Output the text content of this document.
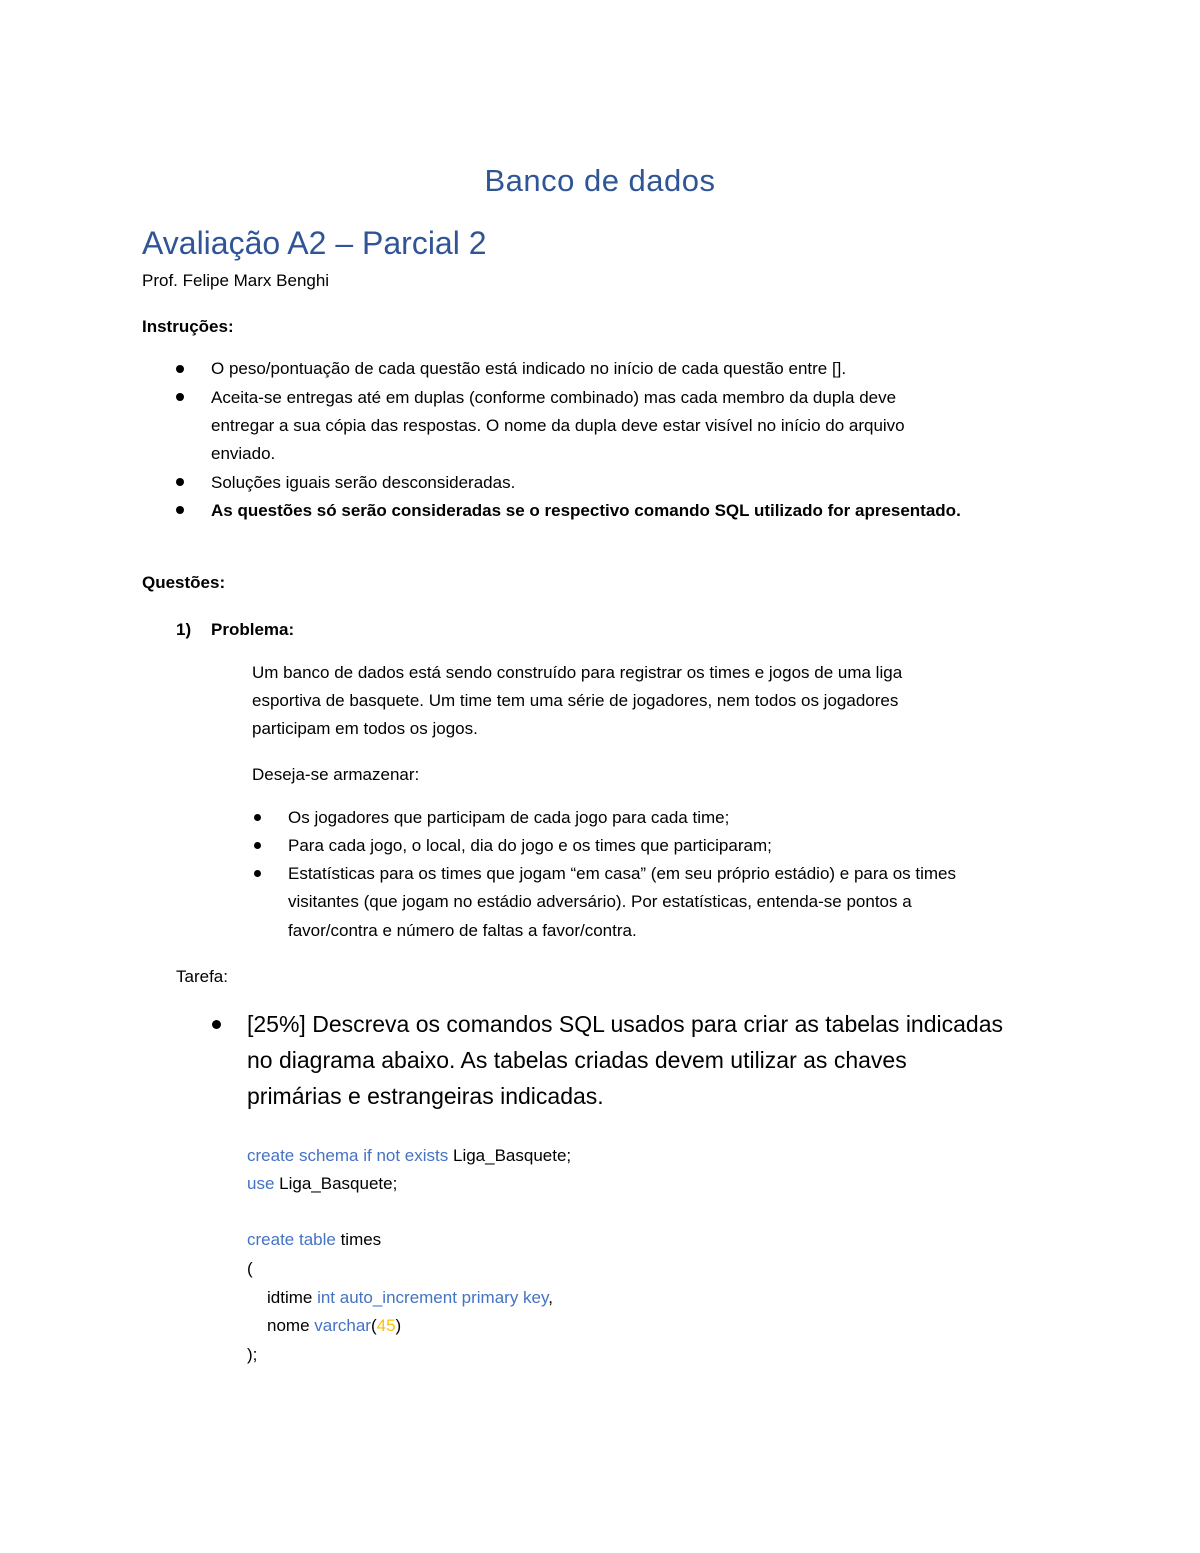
Banco de dados
Avaliação A2 – Parcial 2
Prof. Felipe Marx Benghi
Instruções:
O peso/pontuação de cada questão está indicado no início de cada questão entre [].
Aceita-se entregas até em duplas (conforme combinado) mas cada membro da dupla deve
entregar a sua cópia das respostas. O nome da dupla deve estar visível no início do arquivo
enviado.
Soluções iguais serão desconsideradas.
As questões só serão consideradas se o respectivo comando SQL utilizado for apresentado.
Questões:
1) Problema:
Um banco de dados está sendo construído para registrar os times e jogos de uma liga
esportiva de basquete. Um time tem uma série de jogadores, nem todos os jogadores
participam em todos os jogos.
Deseja-se armazenar:
Os jogadores que participam de cada jogo para cada time;
Para cada jogo, o local, dia do jogo e os times que participaram;
Estatísticas para os times que jogam “em casa” (em seu próprio estádio) e para os times
visitantes (que jogam no estádio adversário). Por estatísticas, entenda-se pontos a
favor/contra e número de faltas a favor/contra.
Tarefa:
[25%] Descreva os comandos SQL usados para criar as tabelas indicadas
no diagrama abaixo. As tabelas criadas devem utilizar as chaves
primárias e estrangeiras indicadas.
create schema if not exists Liga_Basquete;
use Liga_Basquete;
create table times
(
idtime int auto_increment primary key,
nome varchar(45)
);
